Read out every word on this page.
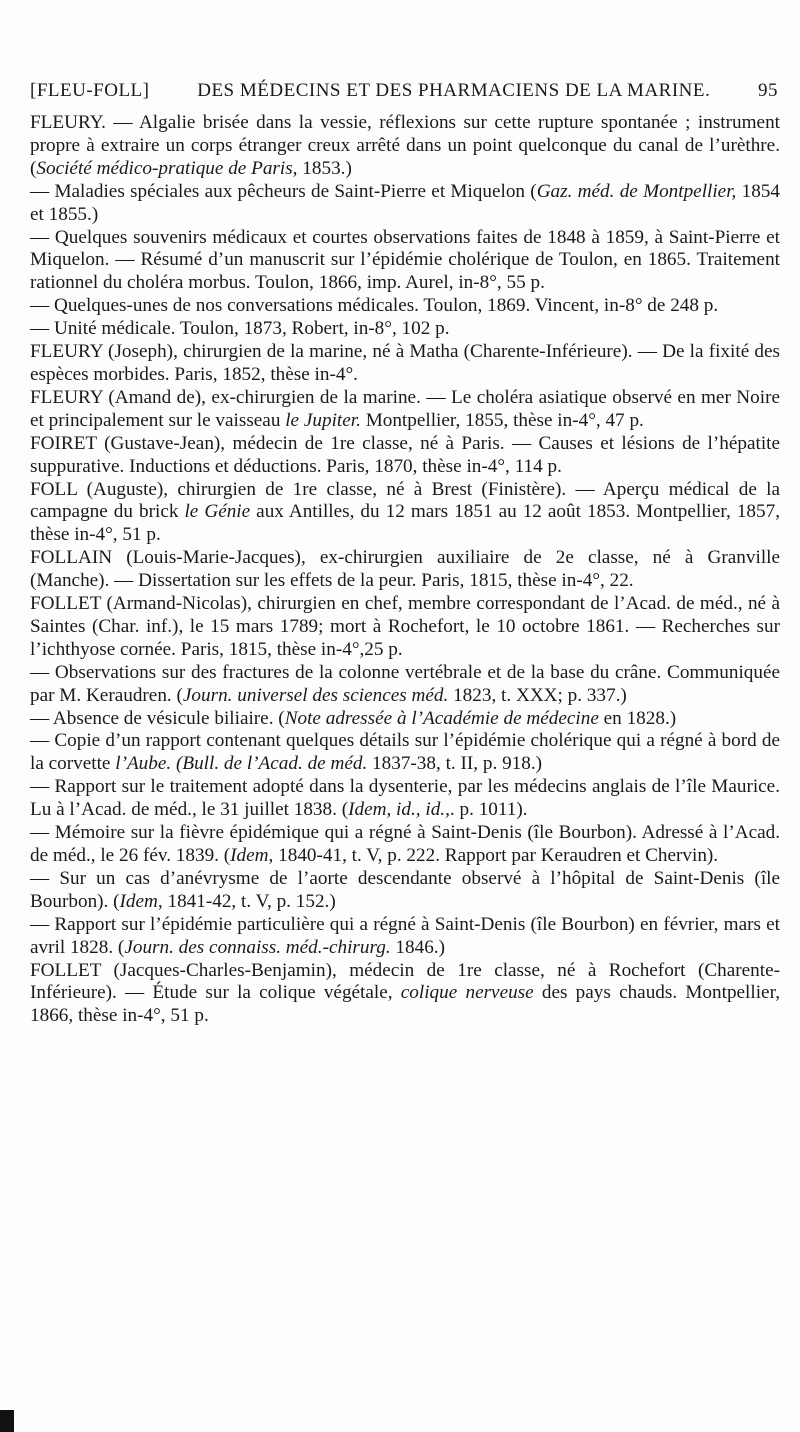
[FLEU-FOLL]	DES MÉDECINS ET DES PHARMACIENS DE LA MARINE.	95

FLEURY. — Algalie brisée dans la vessie, réflexions sur cette rupture spontanée ; instrument propre à extraire un corps étranger creux arrêté dans un point quelconque du canal de l’urèthre. (Société médico-pratique de Paris, 1853.)

— Maladies spéciales aux pêcheurs de Saint-Pierre et Miquelon (Gaz. méd. de Montpellier, 1854 et 1855.)

— Quelques souvenirs médicaux et courtes observations faites de 1848 à 1859, à Saint-Pierre et Miquelon. — Résumé d’un manuscrit sur l’épidémie cholérique de Toulon, en 1865. Traitement rationnel du choléra morbus. Toulon, 1866, imp. Aurel, in-8°, 55 p.

— Quelques-unes de nos conversations médicales. Toulon, 1869. Vincent, in-8° de 248 p.

— Unité médicale. Toulon, 1873, Robert, in-8°, 102 p.

FLEURY (Joseph), chirurgien de la marine, né à Matha (Charente-Inférieure). — De la fixité des espèces morbides. Paris, 1852, thèse in-4°.

FLEURY (Amand de), ex-chirurgien de la marine. — Le choléra asiatique observé en mer Noire et principalement sur le vaisseau le Jupiter. Montpellier, 1855, thèse in-4°, 47 p.

FOIRET (Gustave-Jean), médecin de 1re classe, né à Paris. — Causes et lésions de l’hépatite suppurative. Inductions et déductions. Paris, 1870, thèse in-4°, 114 p.

FOLL (Auguste), chirurgien de 1re classe, né à Brest (Finistère). — Aperçu médical de la campagne du brick le Génie aux Antilles, du 12 mars 1851 au 12 août 1853. Montpellier, 1857, thèse in-4°, 51 p.

FOLLAIN (Louis-Marie-Jacques), ex-chirurgien auxiliaire de 2e classe, né à Granville (Manche). — Dissertation sur les effets de la peur. Paris, 1815, thèse in-4°, 22.

FOLLET (Armand-Nicolas), chirurgien en chef, membre correspondant de l’Acad. de méd., né à Saintes (Char. inf.), le 15 mars 1789; mort à Rochefort, le 10 octobre 1861. — Recherches sur l’ichthyose cornée. Paris, 1815, thèse in-4°,25 p.

— Observations sur des fractures de la colonne vertébrale et de la base du crâne. Communiquée par M. Keraudren. (Journ. universel des sciences méd. 1823, t. XXX; p. 337.)

— Absence de vésicule biliaire. (Note adressée à l’Académie de médecine en 1828.)

— Copie d’un rapport contenant quelques détails sur l’épidémie cholérique qui a régné à bord de la corvette l’Aube. (Bull. de l’Acad. de méd. 1837-38, t. II, p. 918.)

— Rapport sur le traitement adopté dans la dysenterie, par les médecins anglais de l’île Maurice. Lu à l’Acad. de méd., le 31 juillet 1838. (Idem, id., id.,. p. 1011).

— Mémoire sur la fièvre épidémique qui a régné à Saint-Denis (île Bourbon). Adressé à l’Acad. de méd., le 26 fév. 1839. (Idem, 1840-41, t. V, p. 222. Rapport par Keraudren et Chervin).

— Sur un cas d’anévrysme de l’aorte descendante observé à l’hôpital de Saint-Denis (île Bourbon). (Idem, 1841-42, t. V, p. 152.)

— Rapport sur l’épidémie particulière qui a régné à Saint-Denis (île Bourbon) en février, mars et avril 1828. (Journ. des connaiss. méd.-chirurg. 1846.)

FOLLET (Jacques-Charles-Benjamin), médecin de 1re classe, né à Rochefort (Charente-Inférieure). — Étude sur la colique végétale, colique nerveuse des pays chauds. Montpellier, 1866, thèse in-4°, 51 p.
